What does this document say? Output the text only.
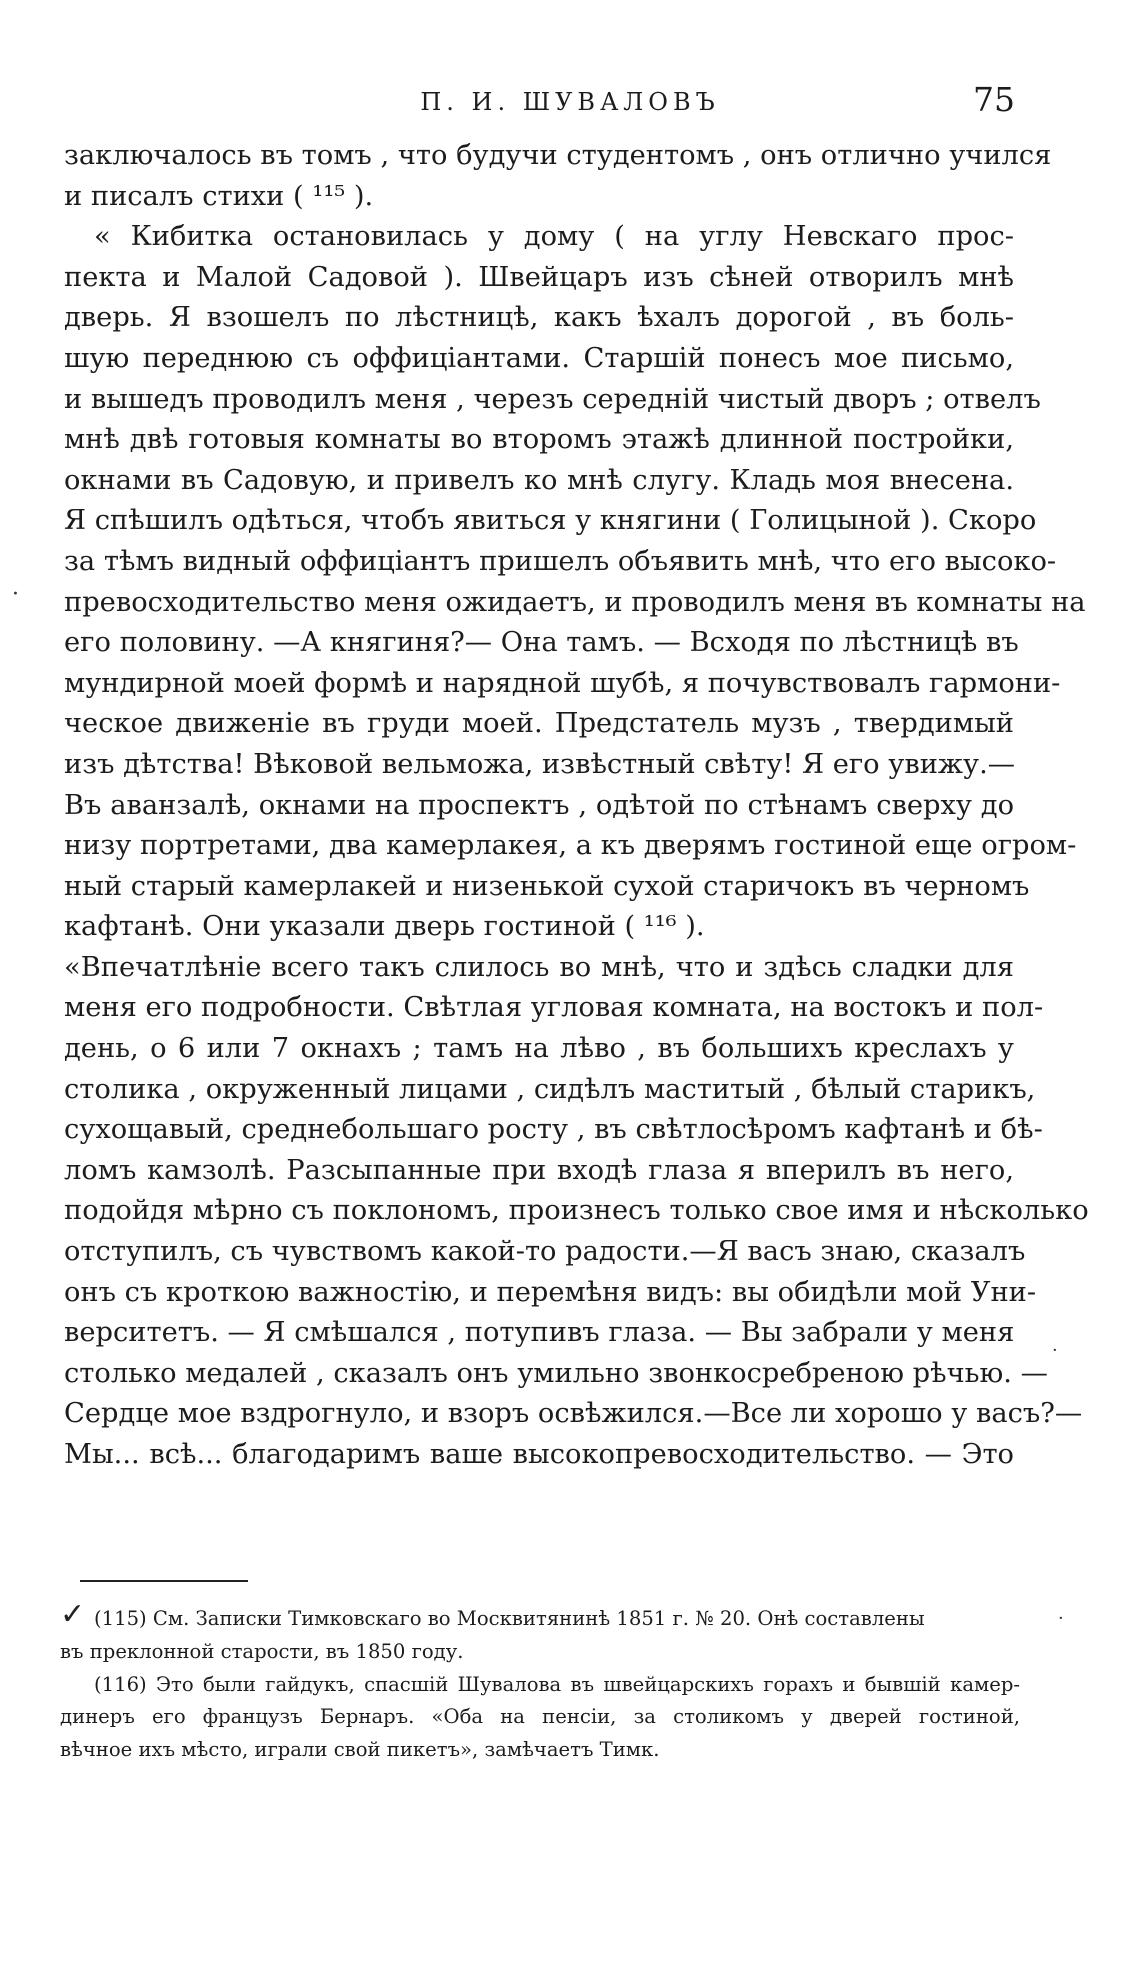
П. И. ШУВАЛОВЪ	75
·
·
·
заключалось въ томъ , что будучи студентомъ , онъ отлично учился
и писалъ стихи ( ¹¹⁵ ).
« Кибитка остановилась у дому ( на углу Невскаго прос-
пекта и Малой Садовой ). Швейцаръ изъ сѣней отворилъ мнѣ
дверь. Я взошелъ по лѣстницѣ, какъ ѣхалъ дорогой , въ боль-
шую переднюю съ оффиціантами. Старшій понесъ мое письмо,
и вышедъ проводилъ меня , черезъ середній чистый дворъ ; отвелъ
мнѣ двѣ готовыя комнаты во второмъ этажѣ длинной постройки,
окнами въ Садовую, и привелъ ко мнѣ слугу. Кладь моя внесена.
Я спѣшилъ одѣться, чтобъ явиться у княгини ( Голицыной ). Скоро
за тѣмъ видный оффиціантъ пришелъ объявить мнѣ, что его высоко-
превосходительство меня ожидаетъ, и проводилъ меня въ комнаты на
его половину. —А княгиня?— Она тамъ. — Всходя по лѣстницѣ въ
мундирной моей формѣ и нарядной шубѣ, я почувствовалъ гармони-
ческое движеніе въ груди моей. Предстатель музъ , твердимый
изъ дѣтства! Вѣковой вельможа, извѣстный свѣту! Я его увижу.—
Въ аванзалѣ, окнами на проспектъ , одѣтой по стѣнамъ сверху до
низу портретами, два камерлакея, а къ дверямъ гостиной еще огром-
ный старый камерлакей и низенькой сухой старичокъ въ черномъ
кафтанѣ. Они указали дверь гостиной ( ¹¹⁶ ).
«Впечатлѣніе всего такъ слилось во мнѣ, что и здѣсь сладки для
меня его подробности. Свѣтлая угловая комната, на востокъ и пол-
день, о 6 или 7 окнахъ ; тамъ на лѣво , въ большихъ креслахъ у
столика , окруженный лицами , сидѣлъ маститый , бѣлый старикъ,
сухощавый, среднебольшаго росту , въ свѣтлосѣромъ кафтанѣ и бѣ-
ломъ камзолѣ. Разсыпанные при входѣ глаза я вперилъ въ него,
подойдя мѣрно съ поклономъ, произнесъ только свое имя и нѣсколько
отступилъ, съ чувствомъ какой-то радости.—Я васъ знаю, сказалъ
онъ съ кроткою важностію, и перемѣня видъ: вы обидѣли мой Уни-
верситетъ. — Я смѣшался , потупивъ глаза. — Вы забрали у меня
столько медалей , сказалъ онъ умильно звонкосребреною рѣчью. —
Сердце мое вздрогнуло, и взоръ освѣжился.—Все ли хорошо у васъ?—
Мы... всѣ... благодаримъ ваше высокопревосходительство. — Это
✓ (115) См. Записки Тимковскаго во Москвитянинѣ 1851 г. № 20. Онѣ составлены
въ преклонной старости, въ 1850 году.
(116) Это были гайдукъ, спасшій Шувалова въ швейцарскихъ горахъ и бывшій камер-
динеръ его французъ Бернаръ. «Оба на пенсіи, за столикомъ у дверей гостиной,
вѣчное ихъ мѣсто, играли свой пикетъ», замѣчаетъ Тимк.
